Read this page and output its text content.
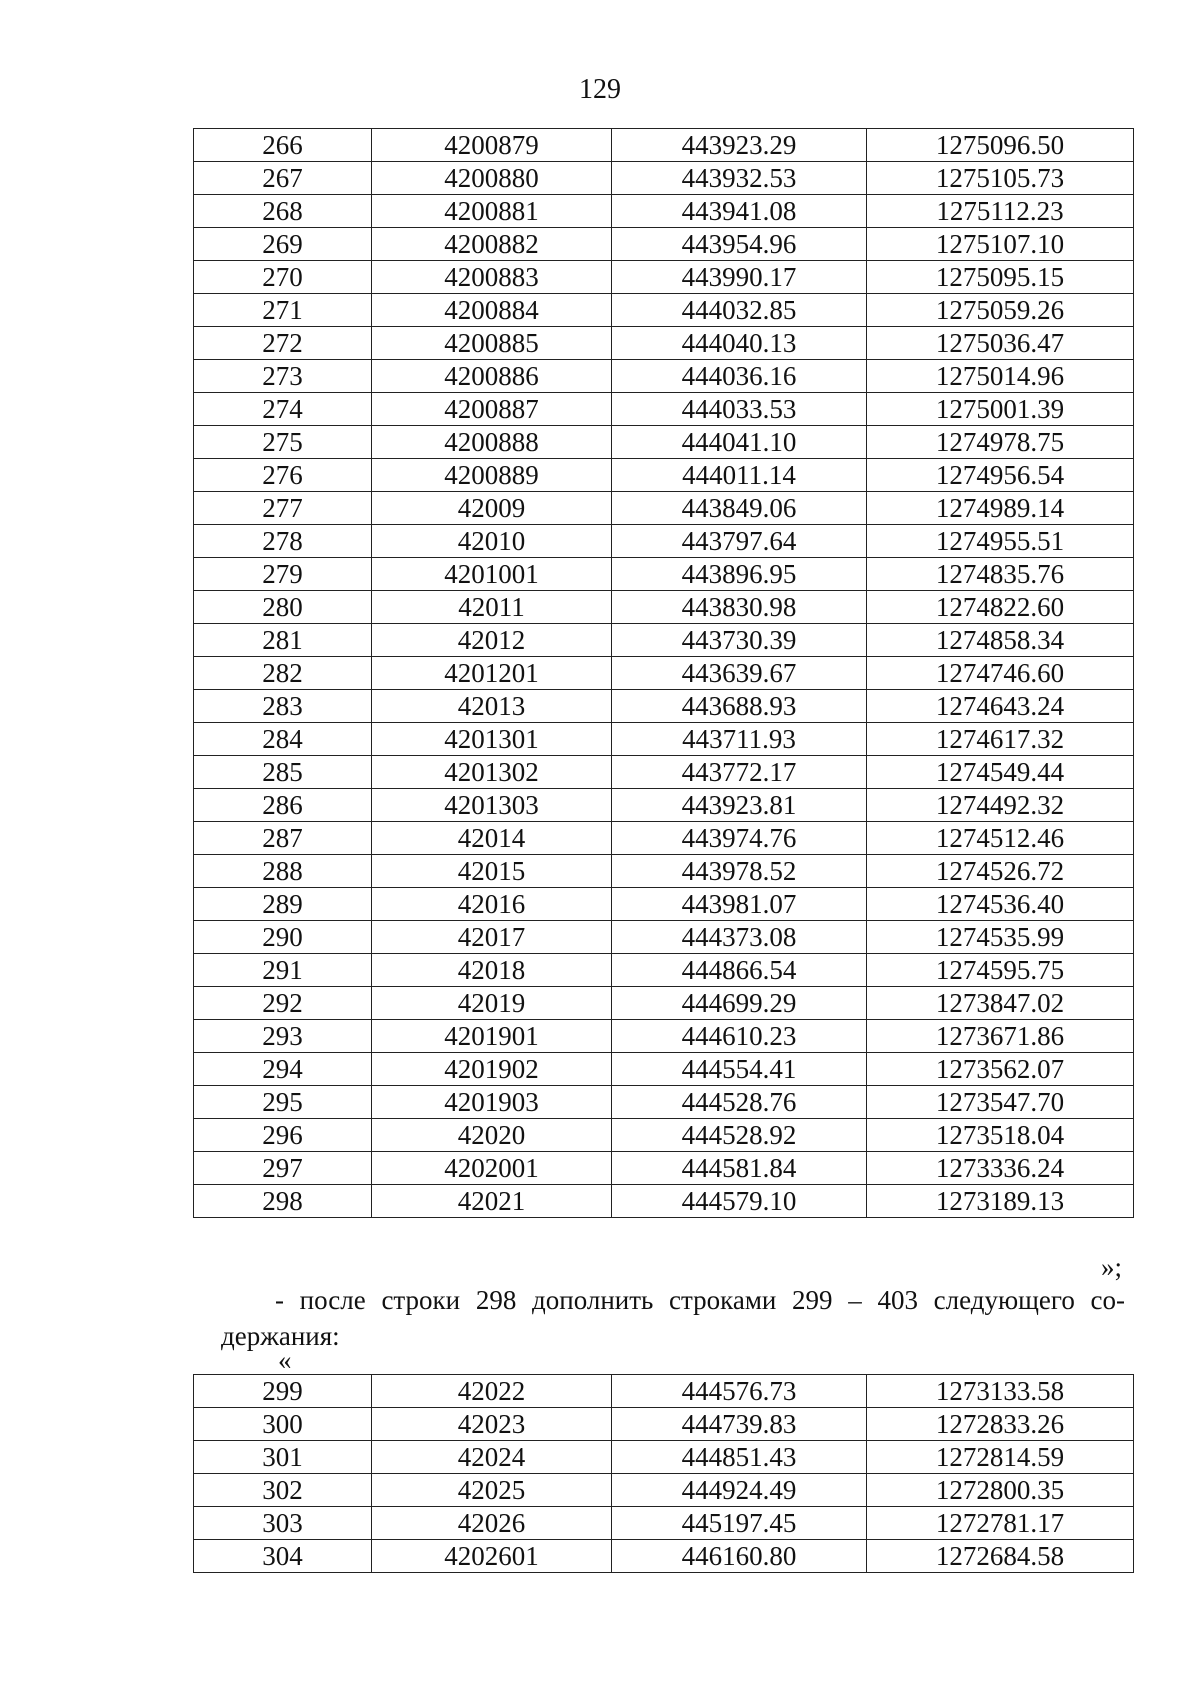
129
266	4200879	443923.29	1275096.50
267	4200880	443932.53	1275105.73
268	4200881	443941.08	1275112.23
269	4200882	443954.96	1275107.10
270	4200883	443990.17	1275095.15
271	4200884	444032.85	1275059.26
272	4200885	444040.13	1275036.47
273	4200886	444036.16	1275014.96
274	4200887	444033.53	1275001.39
275	4200888	444041.10	1274978.75
276	4200889	444011.14	1274956.54
277	42009	443849.06	1274989.14
278	42010	443797.64	1274955.51
279	4201001	443896.95	1274835.76
280	42011	443830.98	1274822.60
281	42012	443730.39	1274858.34
282	4201201	443639.67	1274746.60
283	42013	443688.93	1274643.24
284	4201301	443711.93	1274617.32
285	4201302	443772.17	1274549.44
286	4201303	443923.81	1274492.32
287	42014	443974.76	1274512.46
288	42015	443978.52	1274526.72
289	42016	443981.07	1274536.40
290	42017	444373.08	1274535.99
291	42018	444866.54	1274595.75
292	42019	444699.29	1273847.02
293	4201901	444610.23	1273671.86
294	4201902	444554.41	1273562.07
295	4201903	444528.76	1273547.70
296	42020	444528.92	1273518.04
297	4202001	444581.84	1273336.24
298	42021	444579.10	1273189.13
»;

- после строки 298 дополнить строками 299 – 403 следующего со-

держания:
«
299	42022	444576.73	1273133.58
300	42023	444739.83	1272833.26
301	42024	444851.43	1272814.59
302	42025	444924.49	1272800.35
303	42026	445197.45	1272781.17
304	4202601	446160.80	1272684.58
